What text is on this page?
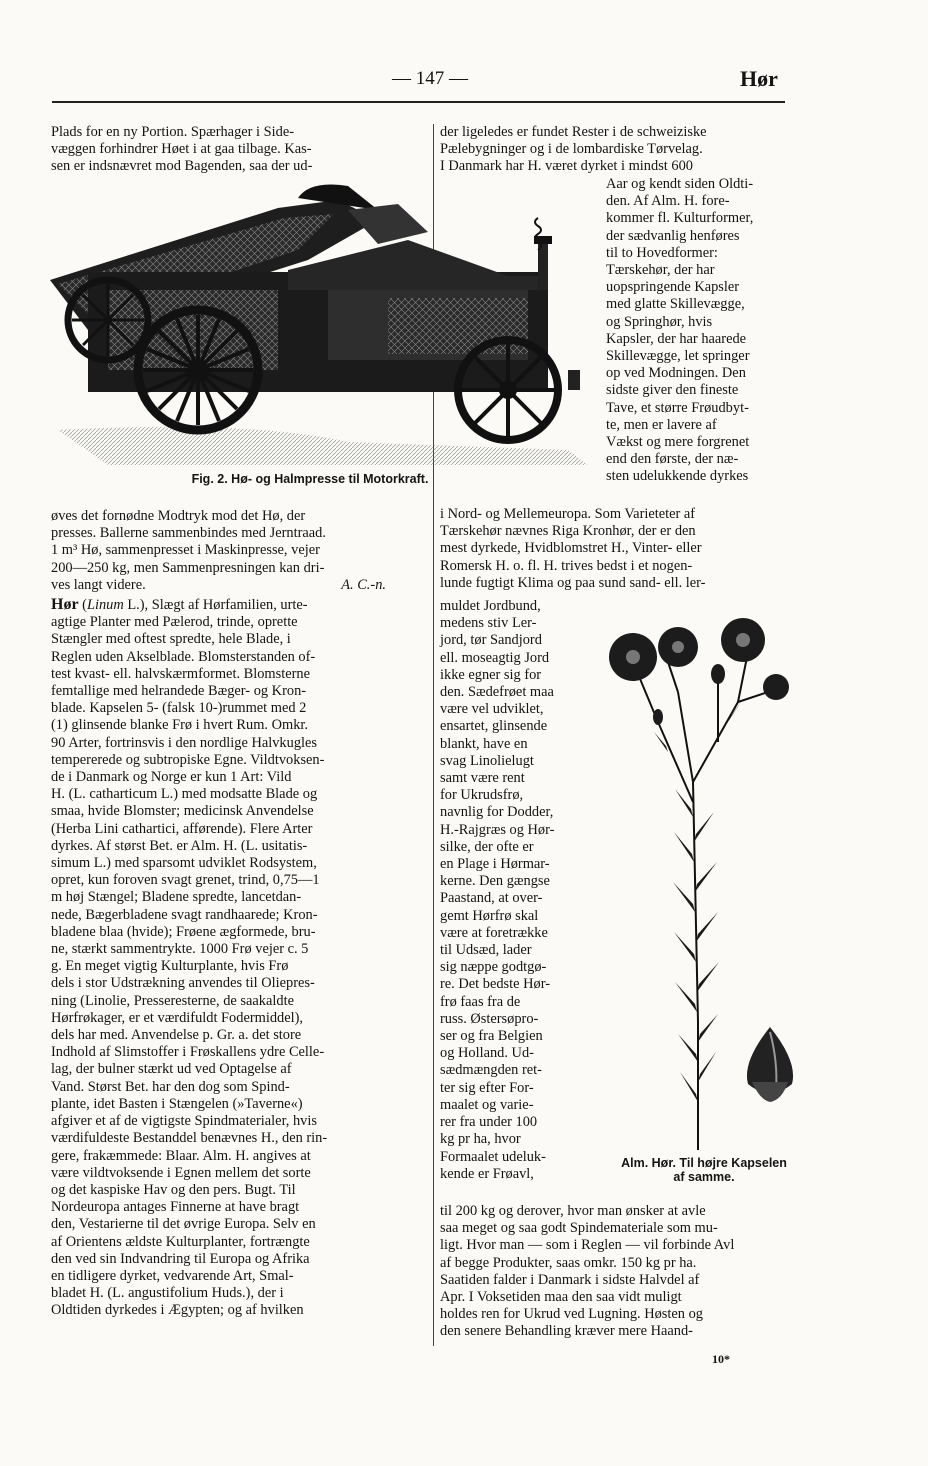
— 147 —	Hør

Plads for en ny Portion. Spærhager i Side-

væggen forhindrer Høet i at gaa tilbage. Kas-

sen er indsnævret mod Bagenden, saa der ud-

Fig. 2. Hø- og Halmpresse til Motorkraft.

øves det fornødne Modtryk mod det Hø, der

presses. Ballerne sammenbindes med Jerntraad.

1 m³ Hø, sammenpresset i Maskinpresse, vejer

200—250 kg, men Sammenpresningen kan dri-

ves langt videre.	A. C.-n.

Hør (Linum L.), Slægt af Hørfamilien, urte-

agtige Planter med Pælerod, trinde, oprette

Stængler med oftest spredte, hele Blade, i

Reglen uden Akselblade. Blomsterstanden of-

test kvast- ell. halvskærmformet. Blomsterne

femtallige med helrandede Bæger- og Kron-

blade. Kapselen 5- (falsk 10-)rummet med 2

(1) glinsende blanke Frø i hvert Rum. Omkr.

90 Arter, fortrinsvis i den nordlige Halvkugles

tempererede og subtropiske Egne. Vildtvoksen-

de i Danmark og Norge er kun 1 Art: Vild

H. (L. catharticum L.) med modsatte Blade og

smaa, hvide Blomster; medicinsk Anvendelse

(Herba Lini cathartici, afførende). Flere Arter

dyrkes. Af størst Bet. er Alm. H. (L. usitatis-

simum L.) med sparsomt udviklet Rodsystem,

opret, kun foroven svagt grenet, trind, 0,75—1

m høj Stængel; Bladene spredte, lancetdan-

nede, Bægerbladene svagt randhaarede; Kron-

bladene blaa (hvide); Frøene ægformede, bru-

ne, stærkt sammentrykte. 1000 Frø vejer c. 5

g. En meget vigtig Kulturplante, hvis Frø

dels i stor Udstrækning anvendes til Oliepres-

ning (Linolie, Presseresterne, de saakaldte

Hørfrøkager, er et værdifuldt Fodermiddel),

dels har med. Anvendelse p. Gr. a. det store

Indhold af Slimstoffer i Frøskallens ydre Celle-

lag, der bulner stærkt ud ved Optagelse af

Vand. Størst Bet. har den dog som Spind-

plante, idet Basten i Stængelen (»Taverne«)

afgiver et af de vigtigste Spindmaterialer, hvis

værdifuldeste Bestanddel benævnes H., den rin-

gere, frakæmmede: Blaar. Alm. H. angives at

være vildtvoksende i Egnen mellem det sorte

og det kaspiske Hav og den pers. Bugt. Til

Nordeuropa antages Finnerne at have bragt

den, Vestarierne til det øvrige Europa. Selv en

af Orientens ældste Kulturplanter, fortrængte

den ved sin Indvandring til Europa og Afrika

en tidligere dyrket, vedvarende Art, Smal-

bladet H. (L. angustifolium Huds.), der i

Oldtiden dyrkedes i Ægypten; og af hvilken

der ligeledes er fundet Rester i de schweiziske

Pælebygninger og i de lombardiske Tørvelag.

I Danmark har H. været dyrket i mindst 600

Aar og kendt siden Oldti-

den. Af Alm. H. fore-

kommer fl. Kulturformer,

der sædvanlig henføres

til to Hovedformer:

Tærskehør, der har

uopspringende Kapsler

med glatte Skillevægge,

og Springhør, hvis

Kapsler, der har haarede

Skillevægge, let springer

op ved Modningen. Den

sidste giver den fineste

Tave, et større Frøudbyt-

te, men er lavere af

Vækst og mere forgrenet

end den første, der næ-

sten udelukkende dyrkes

i Nord- og Mellemeuropa. Som Varieteter af

Tærskehør nævnes Riga Kronhør, der er den

mest dyrkede, Hvidblomstret H., Vinter- eller

Romersk H. o. fl. H. trives bedst i et nogen-

lunde fugtigt Klima og paa sund sand- ell. ler-

muldet Jordbund,

medens stiv Ler-

jord, tør Sandjord

ell. moseagtig Jord

ikke egner sig for

den. Sædefrøet maa

være vel udviklet,

ensartet, glinsende

blankt, have en

svag Linolielugt

samt være rent

for Ukrudsfrø,

navnlig for Dodder,

H.-Rajgræs og Hør-

silke, der ofte er

en Plage i Hørmar-

kerne. Den gængse

Paastand, at over-

gemt Hørfrø skal

være at foretrække

til Udsæd, lader

sig næppe godtgø-

re. Det bedste Hør-

frø faas fra de

russ. Østersøpro-

ser og fra Belgien

og Holland. Ud-

sædmængden ret-

ter sig efter For-

maalet og varie-

rer fra under 100

kg pr ha, hvor

Formaalet udeluk-

kende er Frøavl,

Alm. Hør. Til højre Kapselen
af samme.

til 200 kg og derover, hvor man ønsker at avle

saa meget og saa godt Spindemateriale som mu-

ligt. Hvor man — som i Reglen — vil forbinde Avl

af begge Produkter, saas omkr. 150 kg pr ha.

Saatiden falder i Danmark i sidste Halvdel af

Apr. I Voksetiden maa den saa vidt muligt

holdes ren for Ukrud ved Lugning. Høsten og

den senere Behandling kræver mere Haand-

10*
